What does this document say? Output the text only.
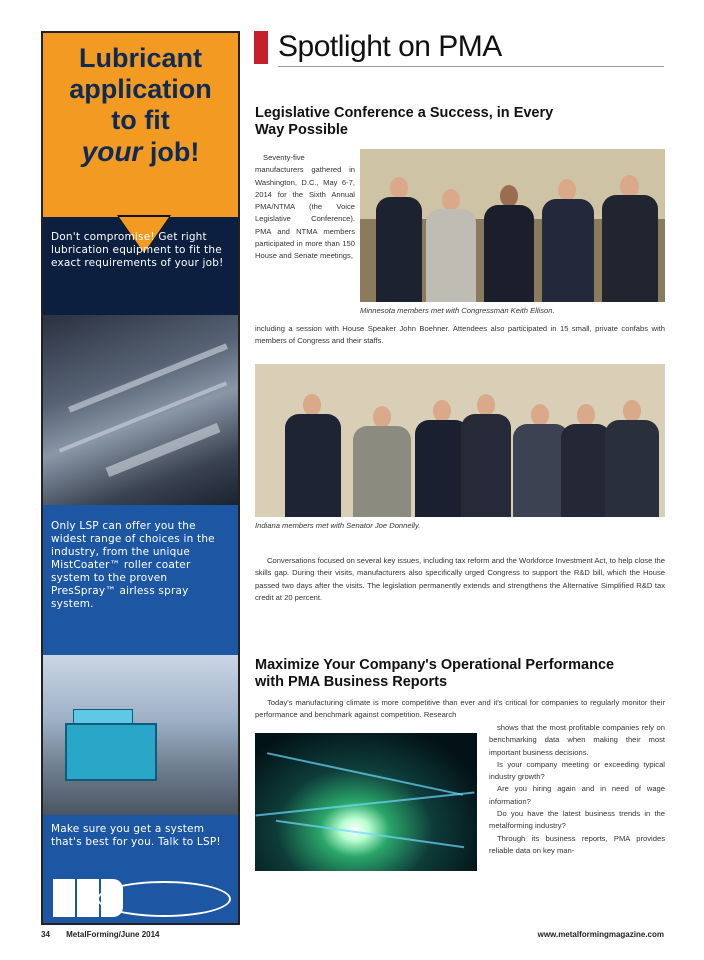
Lubricant
application
to fit
your job!
Don't compromise! Get right lubrication equipment to fit the exact requirements of your job!
Only LSP can offer you the widest range of choices in the industry, from the unique MistCoater™ roller coater system to the proven PresSpray™ airless spray system.
Make sure you get a system that's best for you. Talk to LSP!
Spotlight on PMA
Legislative Conference a Success, in Every Way Possible
Seventy-five manufacturers gathered in Washington, D.C., May 6-7, 2014 for the Sixth Annual PMA/NTMA (the Voice Legislative Conference). PMA and NTMA members participated in more than 150 House and Senate meetings,
Minnesota members met with Congressman Keith Ellison.
including a session with House Speaker John Boehner. Attendees also participated in 15 small, private confabs with members of Congress and their staffs.
Indiana members met with Senator Joe Donnelly.
Conversations focused on several key issues, including tax reform and the Workforce Investment Act, to help close the skills gap. During their visits, manufacturers also specifically urged Congress to support the R&D bill, which the House passed two days after the visits. The legislation permanently extends and strengthens the Alternative Simplified R&D tax credit at 20 percent.
Maximize Your Company's Operational Performance with PMA Business Reports
Today's manufacturing climate is more competitive than ever and it's critical for companies to regularly monitor their performance and benchmark against competition. Research

shows that the most profitable companies rely on benchmarking data when making their most important business decisions.

Is your company meeting or exceeding typical industry growth?

Are you hiring again and in need of wage information?

Do you have the latest business trends in the metalforming industry?

Through its business reports, PMA provides reliable data on key man-

34 MetalForming/June 2014	www.metalformingmagazine.com
